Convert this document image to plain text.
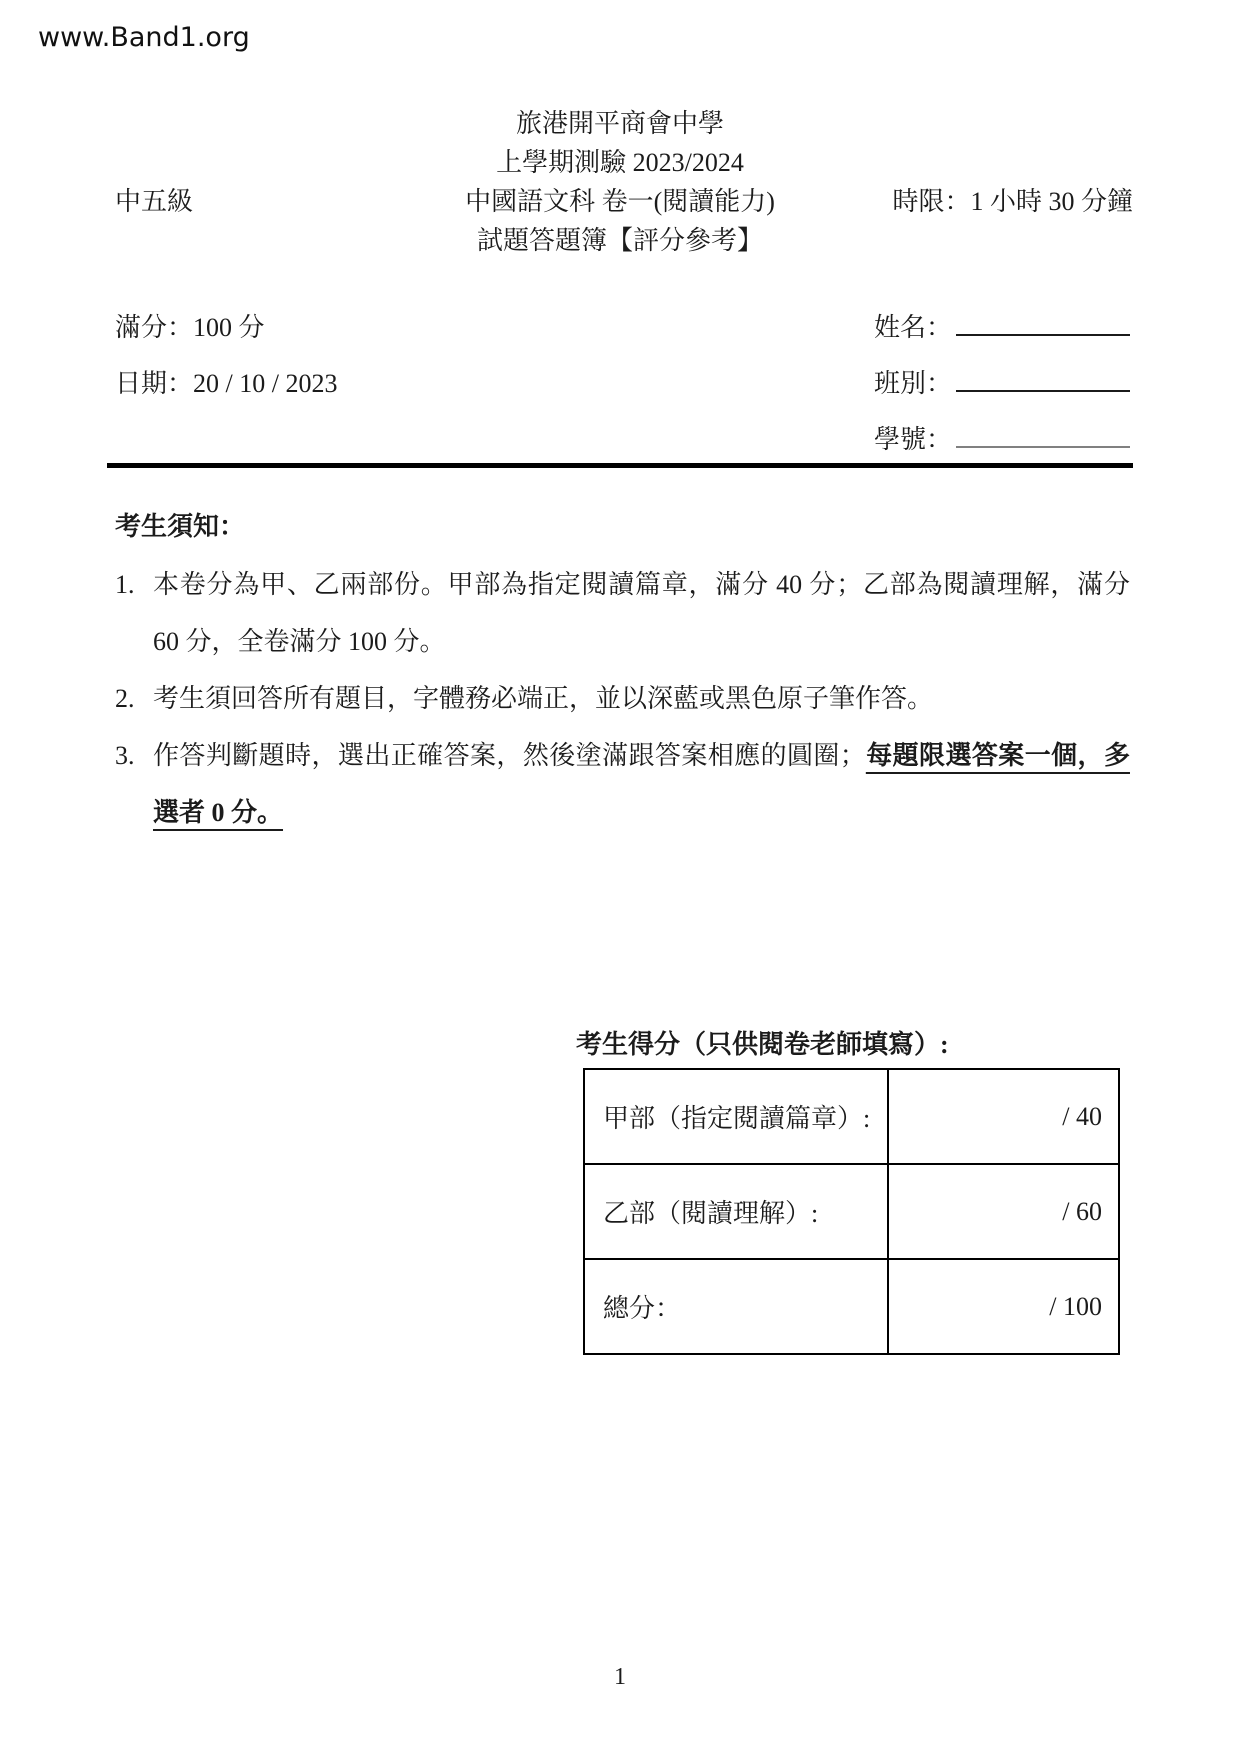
www.Band1.org
旅港開平商會中學
上學期測驗 2023/2024
中五級	中國語文科 卷一(閱讀能力)	時限：1 小時 30 分鐘
試題答題簿【評分參考】
滿分：100 分
日期：20 / 10 / 2023
姓名：
班別：
學號：
考生須知：
1. 本卷分為甲、乙兩部份。甲部為指定閱讀篇章，滿分 40 分；乙部為閱讀理解，滿分 60 分，全卷滿分 100 分。
2. 考生須回答所有題目，字體務必端正，並以深藍或黑色原子筆作答。
3. 作答判斷題時，選出正確答案，然後塗滿跟答案相應的圓圈；每題限選答案一個，多選者 0 分。
考生得分（只供閱卷老師填寫）:
甲部（指定閱讀篇章）:	/ 40
乙部（閱讀理解）:	/ 60
總分：	/ 100
1
